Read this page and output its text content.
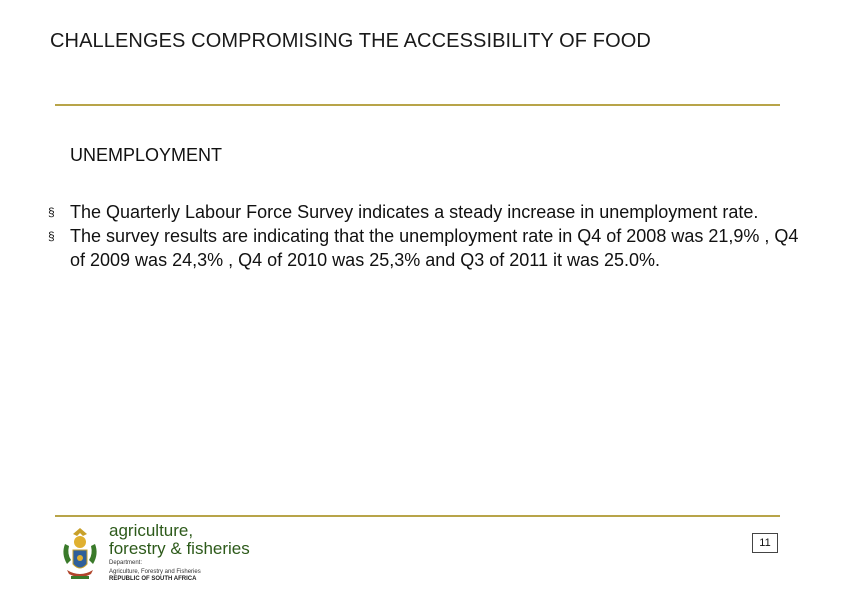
CHALLENGES COMPROMISING THE ACCESSIBILITY OF FOOD
UNEMPLOYMENT
§ The Quarterly Labour Force Survey indicates a steady increase in unemployment rate.
§ The survey results are indicating that the unemployment rate in Q4 of 2008 was 21,9% , Q4 of 2009 was 24,3% , Q4 of 2010 was 25,3% and Q3 of 2011 it was 25.0%.
agriculture,
forestry & fisheries
Department:
Agriculture, Forestry and Fisheries
REPUBLIC OF SOUTH AFRICA
11
